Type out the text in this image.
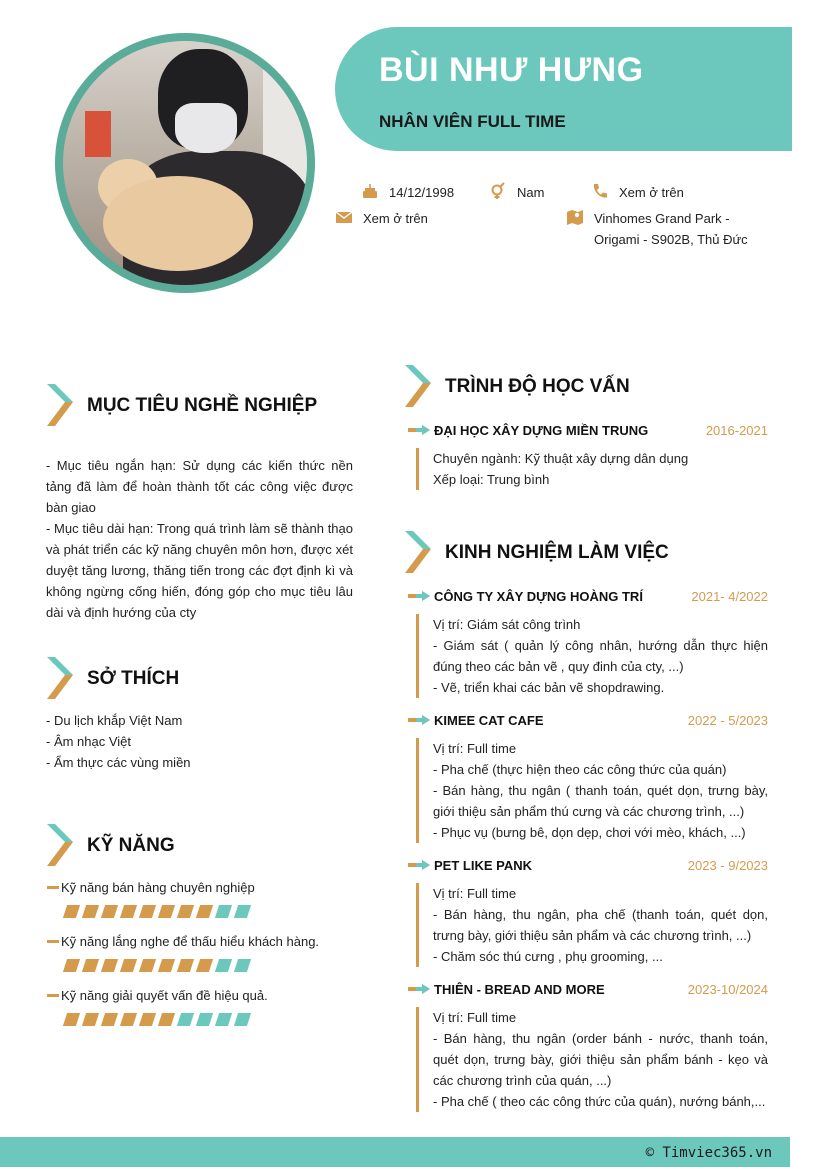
BÙI NHƯ HƯNG
NHÂN VIÊN FULL TIME
14/12/1998	Nam	Xem ở trên
Xem ở trên	Vinhomes Grand Park -
Origami - S902B, Thủ Đức
MỤC TIÊU NGHỀ NGHIỆP
- Mục tiêu ngắn hạn: Sử dụng các kiến thức nền tảng đã làm để hoàn thành tốt các công việc được bàn giao
- Mục tiêu dài hạn: Trong quá trình làm sẽ thành thạo và phát triển các kỹ năng chuyên môn hơn, được xét duyệt tăng lương, thăng tiến trong các đợt định kì và không ngừng cống hiến, đóng góp cho mục tiêu lâu dài và định hướng của cty
SỞ THÍCH
- Du lịch khắp Việt Nam
- Âm nhạc Việt
- Ẩm thực các vùng miền
KỸ NĂNG
Kỹ năng bán hàng chuyên nghiệp
Kỹ năng lắng nghe để thấu hiểu khách hàng.
Kỹ năng giải quyết vấn đề hiệu quả.
TRÌNH ĐỘ HỌC VẤN
ĐẠI HỌC XÂY DỰNG MIỀN TRUNG	2016-2021
Chuyên ngành: Kỹ thuật xây dựng dân dụng
Xếp loại: Trung bình
KINH NGHIỆM LÀM VIỆC
CÔNG TY XÂY DỰNG HOÀNG TRÍ	2021- 4/2022
Vị trí: Giám sát công trình
- Giám sát ( quản lý công nhân, hướng dẫn thực hiện đúng theo các bản vẽ , quy đinh của cty, ...)
- Vẽ, triển khai các bản vẽ shopdrawing.
KIMEE CAT CAFE	2022 - 5/2023
Vị trí: Full time
- Pha chế (thực hiện theo các công thức của quán)
- Bán hàng, thu ngân ( thanh toán, quét dọn, trưng bày, giới thiệu sản phẩm thú cưng và các chương trình, ...)
- Phục vụ (bưng bê, dọn dẹp, chơi với mèo, khách, ...)
PET LIKE PANK	2023 - 9/2023
Vị trí: Full time
- Bán hàng, thu ngân, pha chế (thanh toán, quét dọn, trưng bày, giới thiệu sản phẩm và các chương trình, ...)
- Chăm sóc thú cưng , phụ grooming, ...
THIÊN - BREAD AND MORE	2023-10/2024
Vị trí: Full time
- Bán hàng, thu ngân (order bánh - nước, thanh toán, quét dọn, trưng bày, giới thiệu sản phẩm bánh - kẹo và các chương trình của quán, ...)
- Pha chế ( theo các công thức của quán), nướng bánh,...
© Timviec365.vn
